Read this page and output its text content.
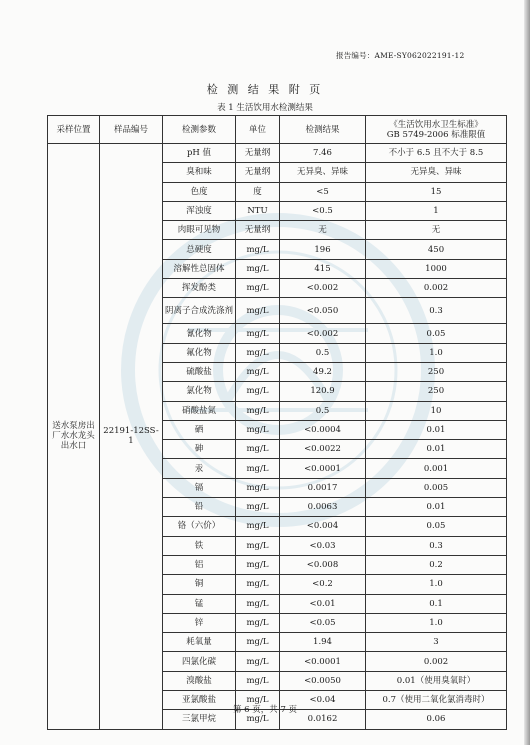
报告编号：AME-SY062022191-12
检 测 结 果 附 页
表 1 生活饮用水检测结果
采样位置	样品编号	检测参数	单位	检测结果	《生活饮用水卫生标准》
GB 5749-2006 标准限值

送水泵房出厂水水龙头出水口	22191-12SS-1	pH 值	无量纲	7.46	不小于 6.5 且不大于 8.5
		臭和味	无量纲	无异臭、异味	无异臭、异味
		色度	度	<5	15
		浑浊度	NTU	<0.5	1
		肉眼可见物	无量纲	无	无
		总硬度	mg/L	196	450
		溶解性总固体	mg/L	415	1000
		挥发酚类	mg/L	<0.002	0.002
		阴离子合成洗涤剂	mg/L	<0.050	0.3
		氰化物	mg/L	<0.002	0.05
		氟化物	mg/L	0.5	1.0
		硫酸盐	mg/L	49.2	250
		氯化物	mg/L	120.9	250
		硝酸盐氮	mg/L	0.5	10
		硒	mg/L	<0.0004	0.01
		砷	mg/L	<0.0022	0.01
		汞	mg/L	<0.0001	0.001
		镉	mg/L	0.0017	0.005
		铅	mg/L	0.0063	0.01
		铬（六价）	mg/L	<0.004	0.05
		铁	mg/L	<0.03	0.3
		铝	mg/L	<0.008	0.2
		铜	mg/L	<0.2	1.0
		锰	mg/L	<0.01	0.1
		锌	mg/L	<0.05	1.0
		耗氧量	mg/L	1.94	3
		四氯化碳	mg/L	<0.0001	0.002
		溴酸盐	mg/L	<0.0050	0.01（使用臭氧时）
		亚氯酸盐	mg/L	<0.04	0.7（使用二氧化氯消毒时）
		三氯甲烷	mg/L	0.0162	0.06
第 6 页，共 7 页
